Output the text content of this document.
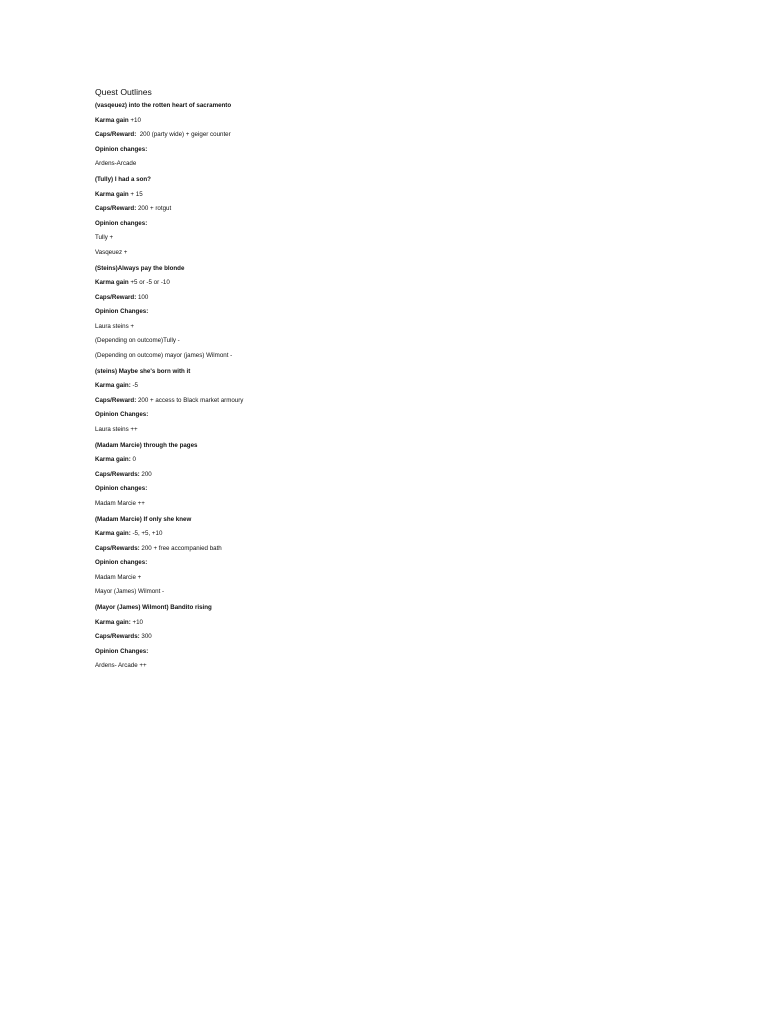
Quest Outlines
(vasqeuez) into the rotten heart of sacramento
Karma gain +10
Caps/Reward:  200 (party wide) + geiger counter
Opinion changes:
Ardens-Arcade
(Tully) I had a son?
Karma gain + 15
Caps/Reward: 200 + rotgut
Opinion changes:
Tully +
Vasqeuez +
(Steins)Always pay the blonde
Karma gain +5 or -5 or -10
Caps/Reward: 100
Opinion Changes:
Laura steins +
(Depending on outcome)Tully -
(Depending on outcome) mayor (james) Wilmont -
(steins) Maybe she's born with it
Karma gain: -5
Caps/Reward: 200 + access to Black market armoury
Opinion Changes:
Laura steins ++
(Madam Marcie) through the pages
Karma gain: 0
Caps/Rewards: 200
Opinion changes:
Madam Marcie ++
(Madam Marcie) If only she knew
Karma gain: -5, +5, +10
Caps/Rewards: 200 + free accompanied bath
Opinion changes:
Madam Marcie +
Mayor (James) Wilmont -
(Mayor (James) Wilmont) Bandito rising
Karma gain: +10
Caps/Rewards: 300
Opinion Changes:
Ardens- Arcade ++
